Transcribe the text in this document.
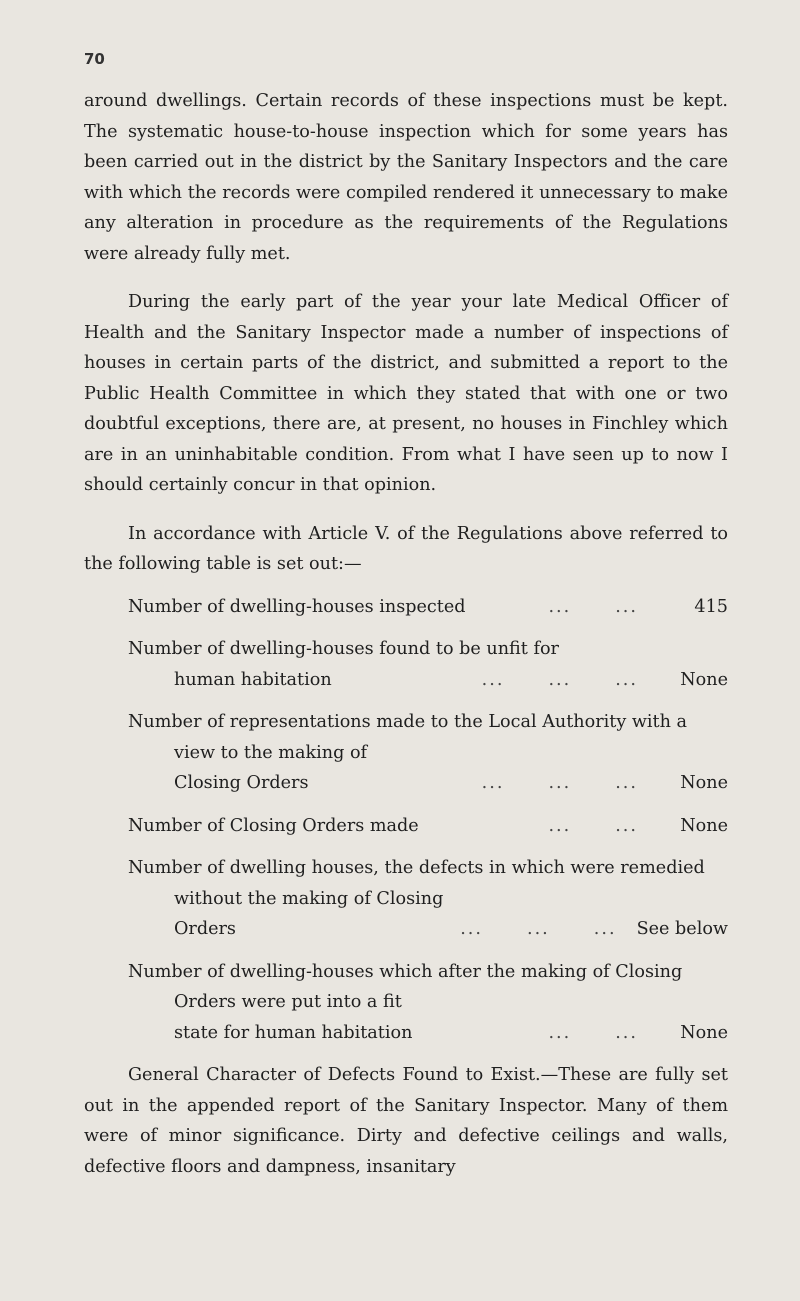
70

around dwellings. Certain records of these inspections must be kept. The systematic house-to-house inspection which for some years has been carried out in the district by the Sanitary Inspectors and the care with which the records were compiled rendered it unnecessary to make any alteration in procedure as the requirements of the Regulations were already fully met.

During the early part of the year your late Medical Officer of Health and the Sanitary Inspector made a number of inspections of houses in certain parts of the district, and submitted a report to the Public Health Committee in which they stated that with one or two doubtful exceptions, there are, at present, no houses in Finchley which are in an uninhabitable condition. From what I have seen up to now I should certainly concur in that opinion.

In accordance with Article V. of the Regulations above referred to the following table is set out:—

Number of dwelling-houses inspected	...	...	415
Number of dwelling-houses found to be unfit for
human habitation	...	...	...	None
Number of representations made to the Local Authority with a view to the making of
Closing Orders	...	...	...	None
Number of Closing Orders made	...	...	None
Number of dwelling houses, the defects in which were remedied without the making of Closing
Orders	...	...	... See below
Number of dwelling-houses which after the making of Closing Orders were put into a fit
state for human habitation	...	...	None

General Character of Defects Found to Exist.—These are fully set out in the appended report of the Sanitary Inspector. Many of them were of minor significance. Dirty and defective ceilings and walls, defective floors and dampness, insanitary
